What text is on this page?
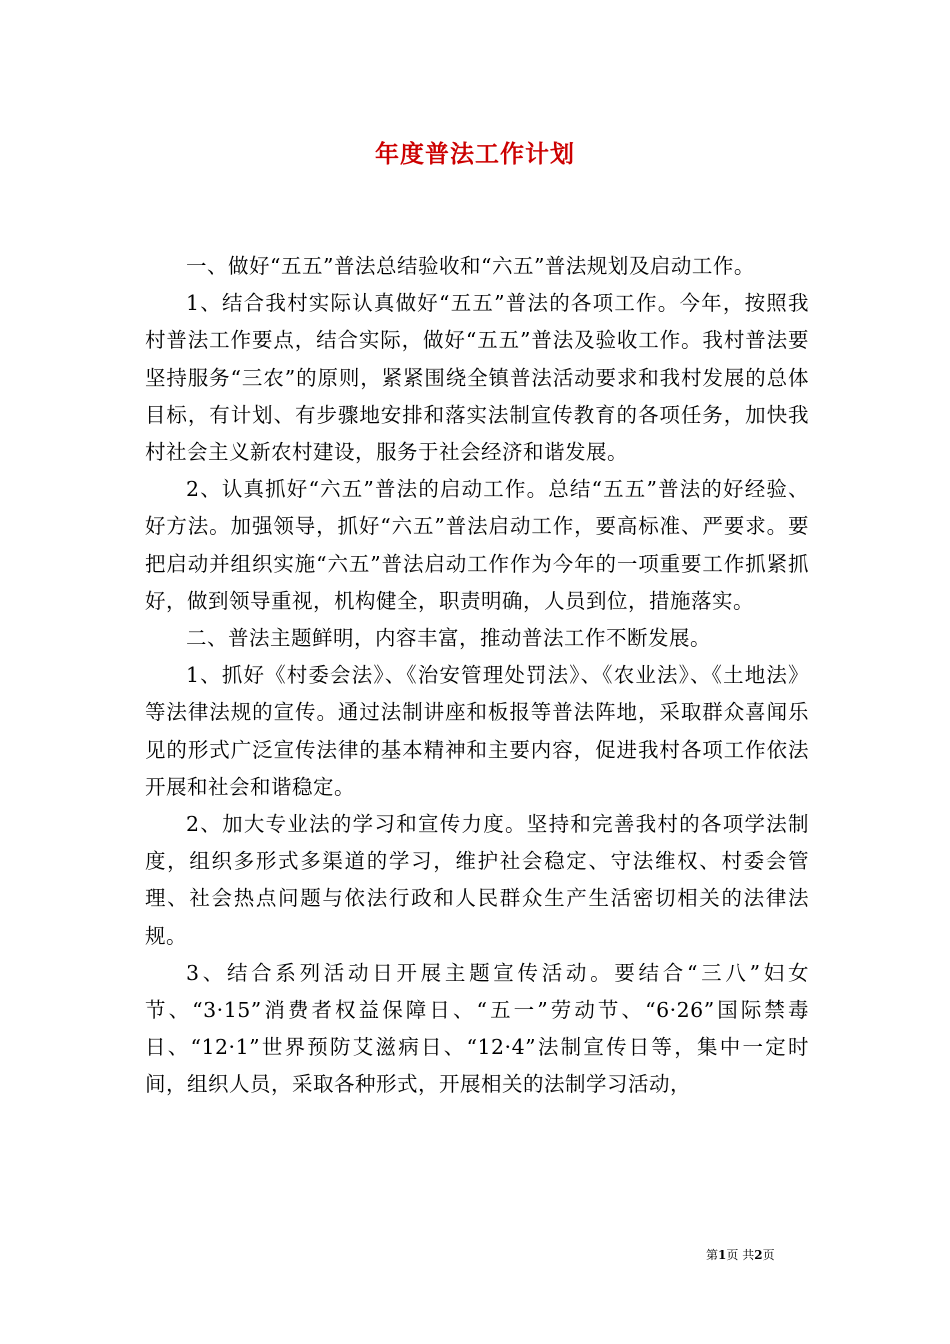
年度普法工作计划

一、做好“五五”普法总结验收和“六五”普法规划及启动工作。

1、结合我村实际认真做好“五五”普法的各项工作。今年，按照我村普法工作要点，结合实际，做好“五五”普法及验收工作。我村普法要坚持服务“三农”的原则，紧紧围绕全镇普法活动要求和我村发展的总体目标，有计划、有步骤地安排和落实法制宣传教育的各项任务，加快我村社会主义新农村建设，服务于社会经济和谐发展。

2、认真抓好“六五”普法的启动工作。总结“五五”普法的好经验、好方法。加强领导，抓好“六五”普法启动工作，要高标准、严要求。要把启动并组织实施“六五”普法启动工作作为今年的一项重要工作抓紧抓好，做到领导重视，机构健全，职责明确，人员到位，措施落实。

二、普法主题鲜明，内容丰富，推动普法工作不断发展。

1、抓好《村委会法》、《治安管理处罚法》、《农业法》、《土地法》等法律法规的宣传。通过法制讲座和板报等普法阵地，采取群众喜闻乐见的形式广泛宣传法律的基本精神和主要内容，促进我村各项工作依法开展和社会和谐稳定。

2、加大专业法的学习和宣传力度。坚持和完善我村的各项学法制度，组织多形式多渠道的学习，维护社会稳定、守法维权、村委会管理、社会热点问题与依法行政和人民群众生产生活密切相关的法律法规。

3、结合系列活动日开展主题宣传活动。要结合“三八”妇女节、“3·15”消费者权益保障日、“五一”劳动节、“6·26”国际禁毒日、“12·1”世界预防艾滋病日、“12·4”法制宣传日等，集中一定时间，组织人员，采取各种形式，开展相关的法制学习活动，

第1页 共2页
